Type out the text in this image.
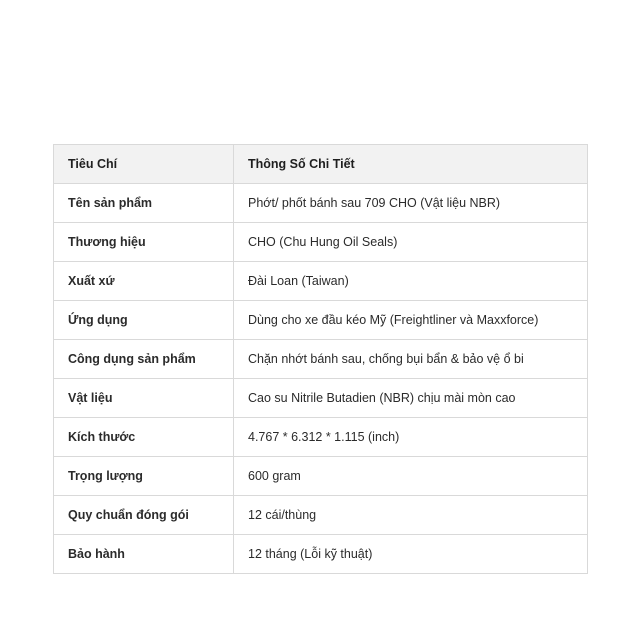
Tiêu Chí	Thông Số Chi Tiết
Tên sản phẩm	Phớt/ phốt bánh sau 709 CHO (Vật liệu NBR)
Thương hiệu	CHO (Chu Hung Oil Seals)
Xuất xứ	Đài Loan (Taiwan)
Ứng dụng	Dùng cho xe đầu kéo Mỹ (Freightliner và Maxxforce)
Công dụng sản phẩm	Chặn nhớt bánh sau, chống bụi bẩn & bảo vệ ổ bi
Vật liệu	Cao su Nitrile Butadien (NBR) chịu mài mòn cao
Kích thước	4.767 * 6.312 * 1.115 (inch)
Trọng lượng	600 gram
Quy chuẩn đóng gói	12 cái/thùng
Bảo hành	12 tháng (Lỗi kỹ thuật)
